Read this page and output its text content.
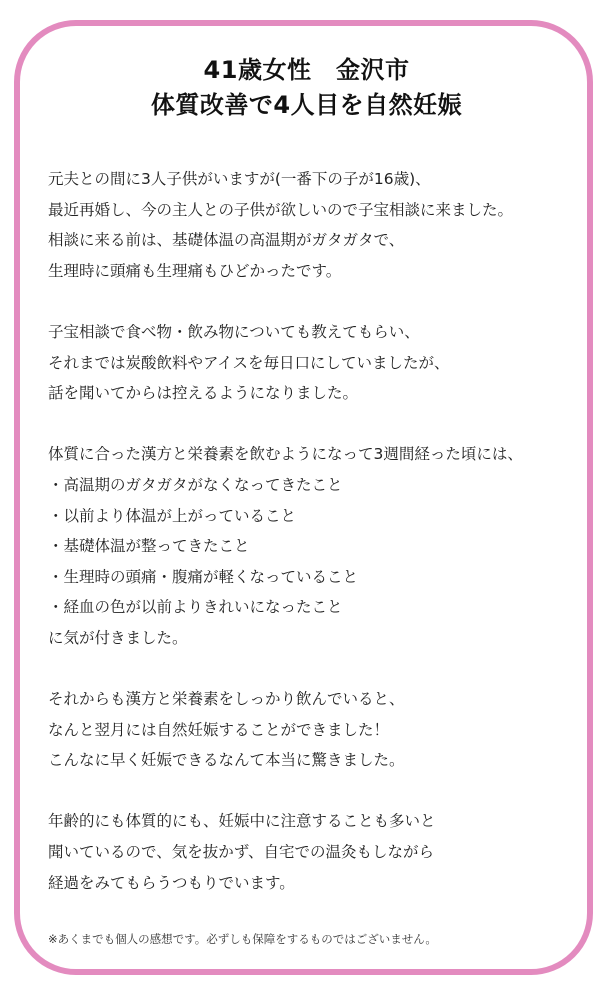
41歳女性　金沢市
体質改善で4人目を自然妊娠
元夫との間に3人子供がいますが(一番下の子が16歳)、
最近再婚し、今の主人との子供が欲しいので子宝相談に来ました。
相談に来る前は、基礎体温の高温期がガタガタで、
生理時に頭痛も生理痛もひどかったです。
子宝相談で食べ物・飲み物についても教えてもらい、
それまでは炭酸飲料やアイスを毎日口にしていましたが、
話を聞いてからは控えるようになりました。
体質に合った漢方と栄養素を飲むようになって3週間経った頃には、
・高温期のガタガタがなくなってきたこと
・以前より体温が上がっていること
・基礎体温が整ってきたこと
・生理時の頭痛・腹痛が軽くなっていること
・経血の色が以前よりきれいになったこと
に気が付きました。
それからも漢方と栄養素をしっかり飲んでいると、
なんと翌月には自然妊娠することができました！
こんなに早く妊娠できるなんて本当に驚きました。
年齢的にも体質的にも、妊娠中に注意することも多いと
聞いているので、気を抜かず、自宅での温灸もしながら
経過をみてもらうつもりでいます。
※あくまでも個人の感想です。必ずしも保障をするものではございません。
